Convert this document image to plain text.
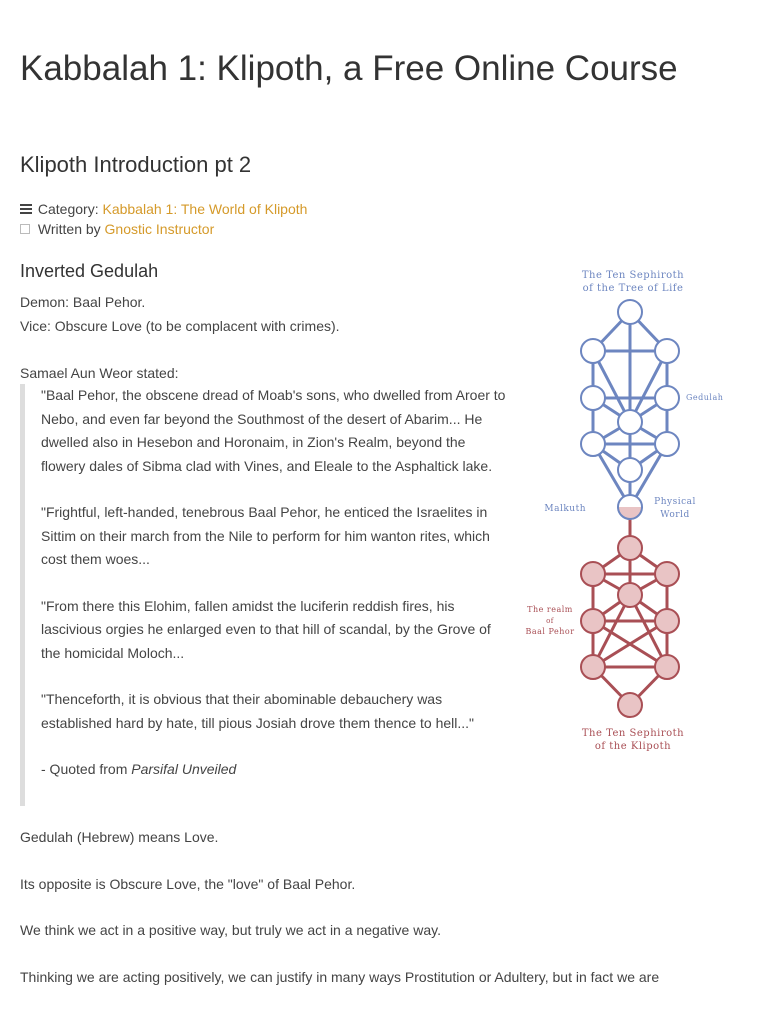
Kabbalah 1: Klipoth, a Free Online Course
Klipoth Introduction pt 2
Category: Kabbalah 1: The World of Klipoth
Written by Gnostic Instructor
Inverted Gedulah

Demon: Baal Pehor.

Vice: Obscure Love (to be complacent with crimes).

Samael Aun Weor stated:

"Baal Pehor, the obscene dread of Moab's sons, who dwelled from Aroer to Nebo, and even far beyond the Southmost of the desert of Abarim... He dwelled also in Hesebon and Horonaim, in Zion's Realm, beyond the flowery dales of Sibma clad with Vines, and Eleale to the Asphaltick lake.

"Frightful, left-handed, tenebrous Baal Pehor, he enticed the Israelites in Sittim on their march from the Nile to perform for him wanton rites, which cost them woes...

"From there this Elohim, fallen amidst the luciferin reddish fires, his lascivious orgies he enlarged even to that hill of scandal, by the Grove of the homicidal Moloch...

"Thenceforth, it is obvious that their abominable debauchery was established hard by hate, till pious Josiah drove them thence to hell..."

- Quoted from Parsifal Unveiled

Gedulah (Hebrew) means Love.

Its opposite is Obscure Love, the "love" of Baal Pehor.

We think we act in a positive way, but truly we act in a negative way.

Thinking we are acting positively, we can justify in many ways Prostitution or Adultery, but in fact we are

The Ten Sephiroth
of the Tree of Life
Gedulah
Malkuth
Physical
World
The realm
of
Baal Pehor
The Ten Sephiroth
of the Klipoth
